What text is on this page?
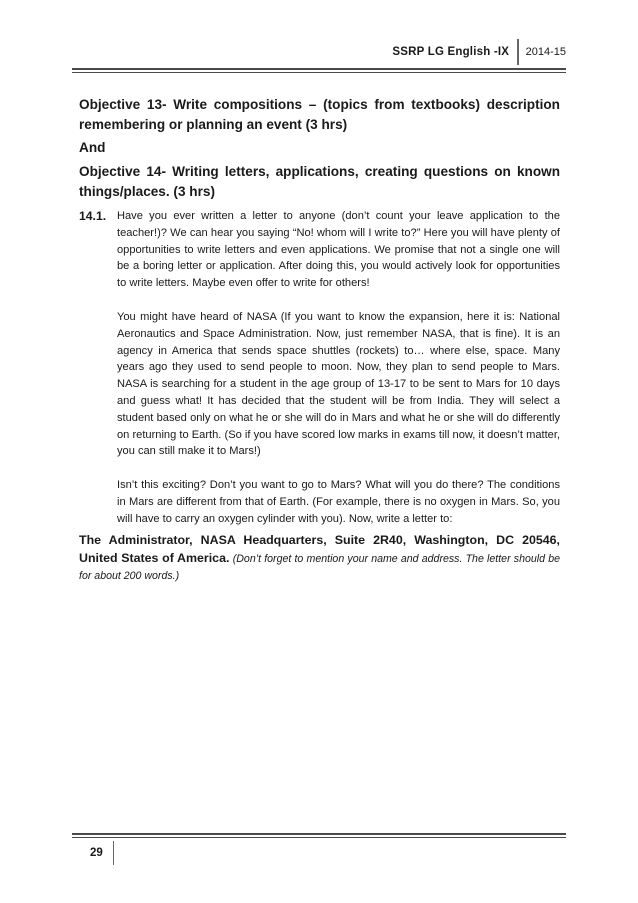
SSRP LG English -IX	2014-15

Objective 13- Write compositions – (topics from textbooks) description remembering or planning an event (3 hrs)

And

Objective 14- Writing letters, applications, creating questions on known things/places. (3 hrs)

14.1. Have you ever written a letter to anyone (don’t count your leave application to the teacher!)? We can hear you saying “No! whom will I write to?” Here you will have plenty of opportunities to write letters and even applications. We promise that not a single one will be a boring letter or application. After doing this, you would actively look for opportunities to write letters. Maybe even offer to write for others!

You might have heard of NASA (If you want to know the expansion, here it is: National Aeronautics and Space Administration. Now, just remember NASA, that is fine). It is an agency in America that sends space shuttles (rockets) to… where else, space. Many years ago they used to send people to moon. Now, they plan to send people to Mars. NASA is searching for a student in the age group of 13-17 to be sent to Mars for 10 days and guess what! It has decided that the student will be from India. They will select a student based only on what he or she will do in Mars and what he or she will do differently on returning to Earth. (So if you have scored low marks in exams till now, it doesn’t matter, you can still make it to Mars!)

Isn’t this exciting? Don’t you want to go to Mars? What will you do there? The conditions in Mars are different from that of Earth. (For example, there is no oxygen in Mars. So, you will have to carry an oxygen cylinder with you). Now, write a letter to:

The Administrator, NASA Headquarters, Suite 2R40, Washington, DC 20546, United States of America. (Don’t forget to mention your name and address. The letter should be for about 200 words.)

29
